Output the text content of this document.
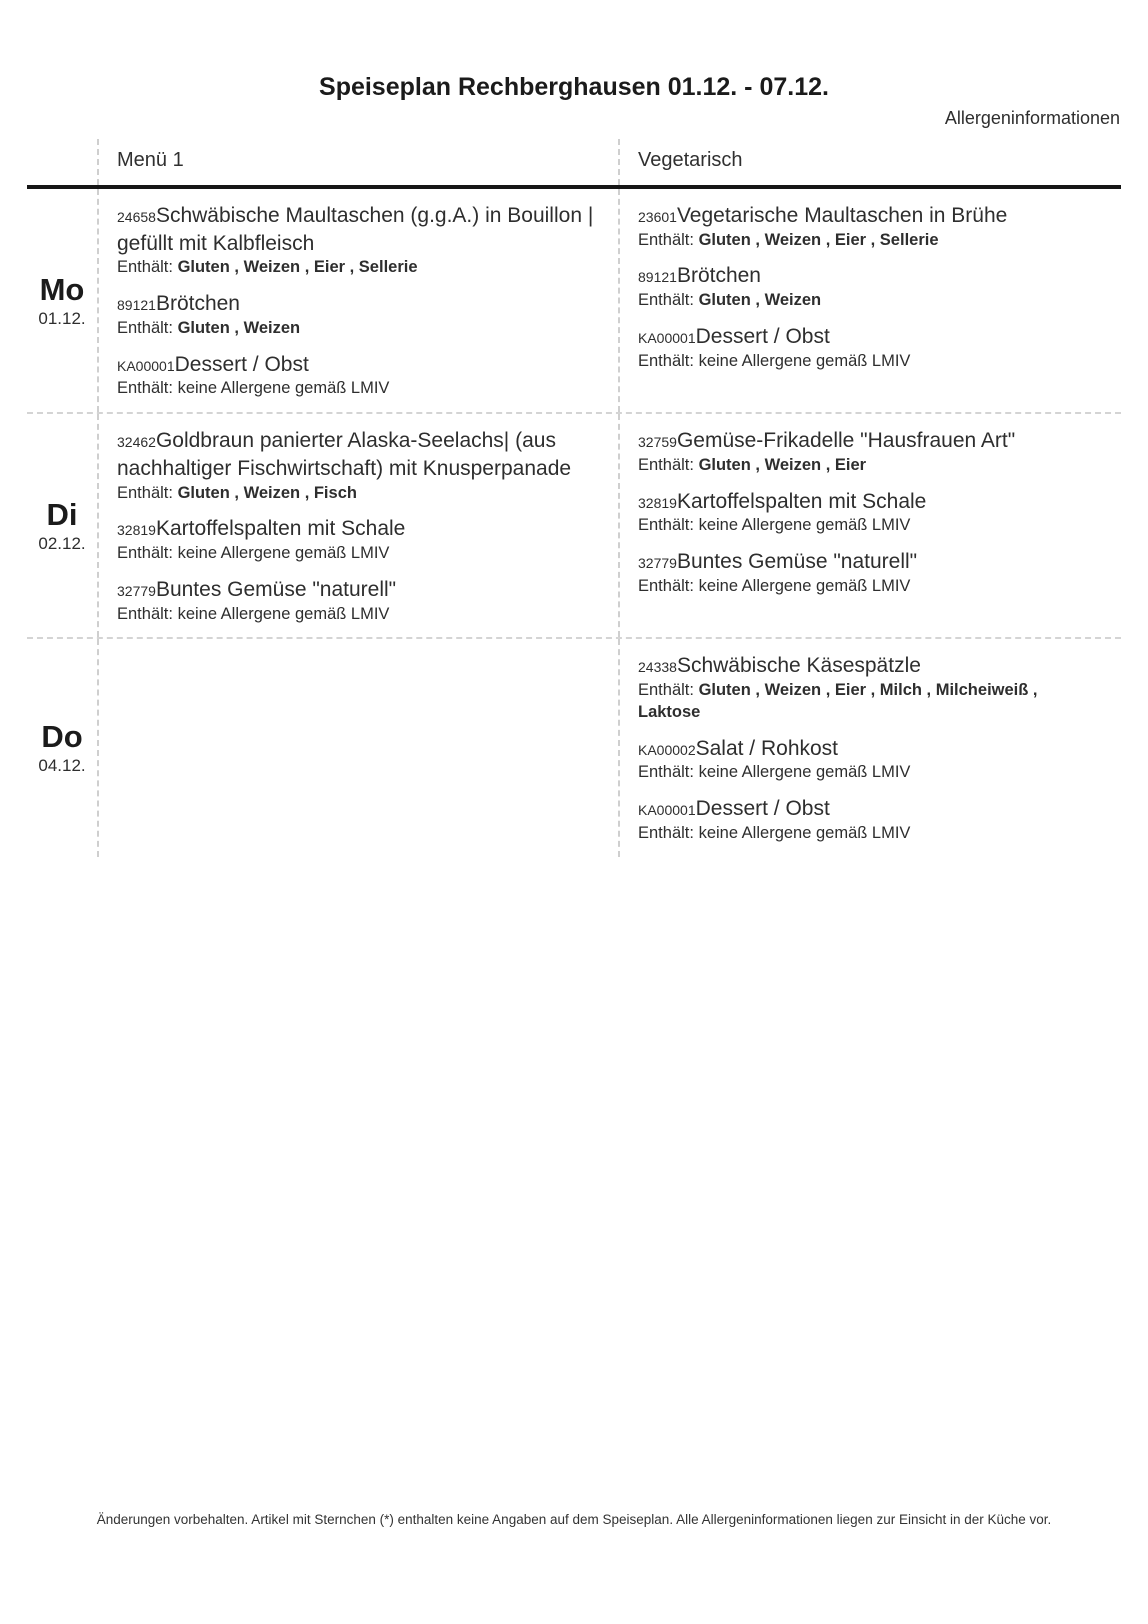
Speiseplan Rechberghausen 01.12. - 07.12.
Allergeninformationen
Menü 1	Vegetarisch
Mo
01.12.
24658Schwäbische Maultaschen (g.g.A.) in Bouillon | gefüllt mit Kalbfleisch
Enthält: Gluten , Weizen , Eier , Sellerie
89121Brötchen
Enthält: Gluten , Weizen
KA00001Dessert / Obst
Enthält: keine Allergene gemäß LMIV
23601Vegetarische Maultaschen in Brühe
Enthält: Gluten , Weizen , Eier , Sellerie
89121Brötchen
Enthält: Gluten , Weizen
KA00001Dessert / Obst
Enthält: keine Allergene gemäß LMIV
Di
02.12.
32462Goldbraun panierter Alaska-Seelachs| (aus nachhaltiger Fischwirtschaft) mit Knusperpanade
Enthält: Gluten , Weizen , Fisch
32819Kartoffelspalten mit Schale
Enthält: keine Allergene gemäß LMIV
32779Buntes Gemüse "naturell"
Enthält: keine Allergene gemäß LMIV
32759Gemüse-Frikadelle "Hausfrauen Art"
Enthält: Gluten , Weizen , Eier
32819Kartoffelspalten mit Schale
Enthält: keine Allergene gemäß LMIV
32779Buntes Gemüse "naturell"
Enthält: keine Allergene gemäß LMIV
Do
04.12.
24338Schwäbische Käsespätzle
Enthält: Gluten , Weizen , Eier , Milch , Milcheiweiß , Laktose
KA00002Salat / Rohkost
Enthält: keine Allergene gemäß LMIV
KA00001Dessert / Obst
Enthält: keine Allergene gemäß LMIV
Änderungen vorbehalten. Artikel mit Sternchen (*) enthalten keine Angaben auf dem Speiseplan. Alle Allergeninformationen liegen zur Einsicht in der Küche vor.
